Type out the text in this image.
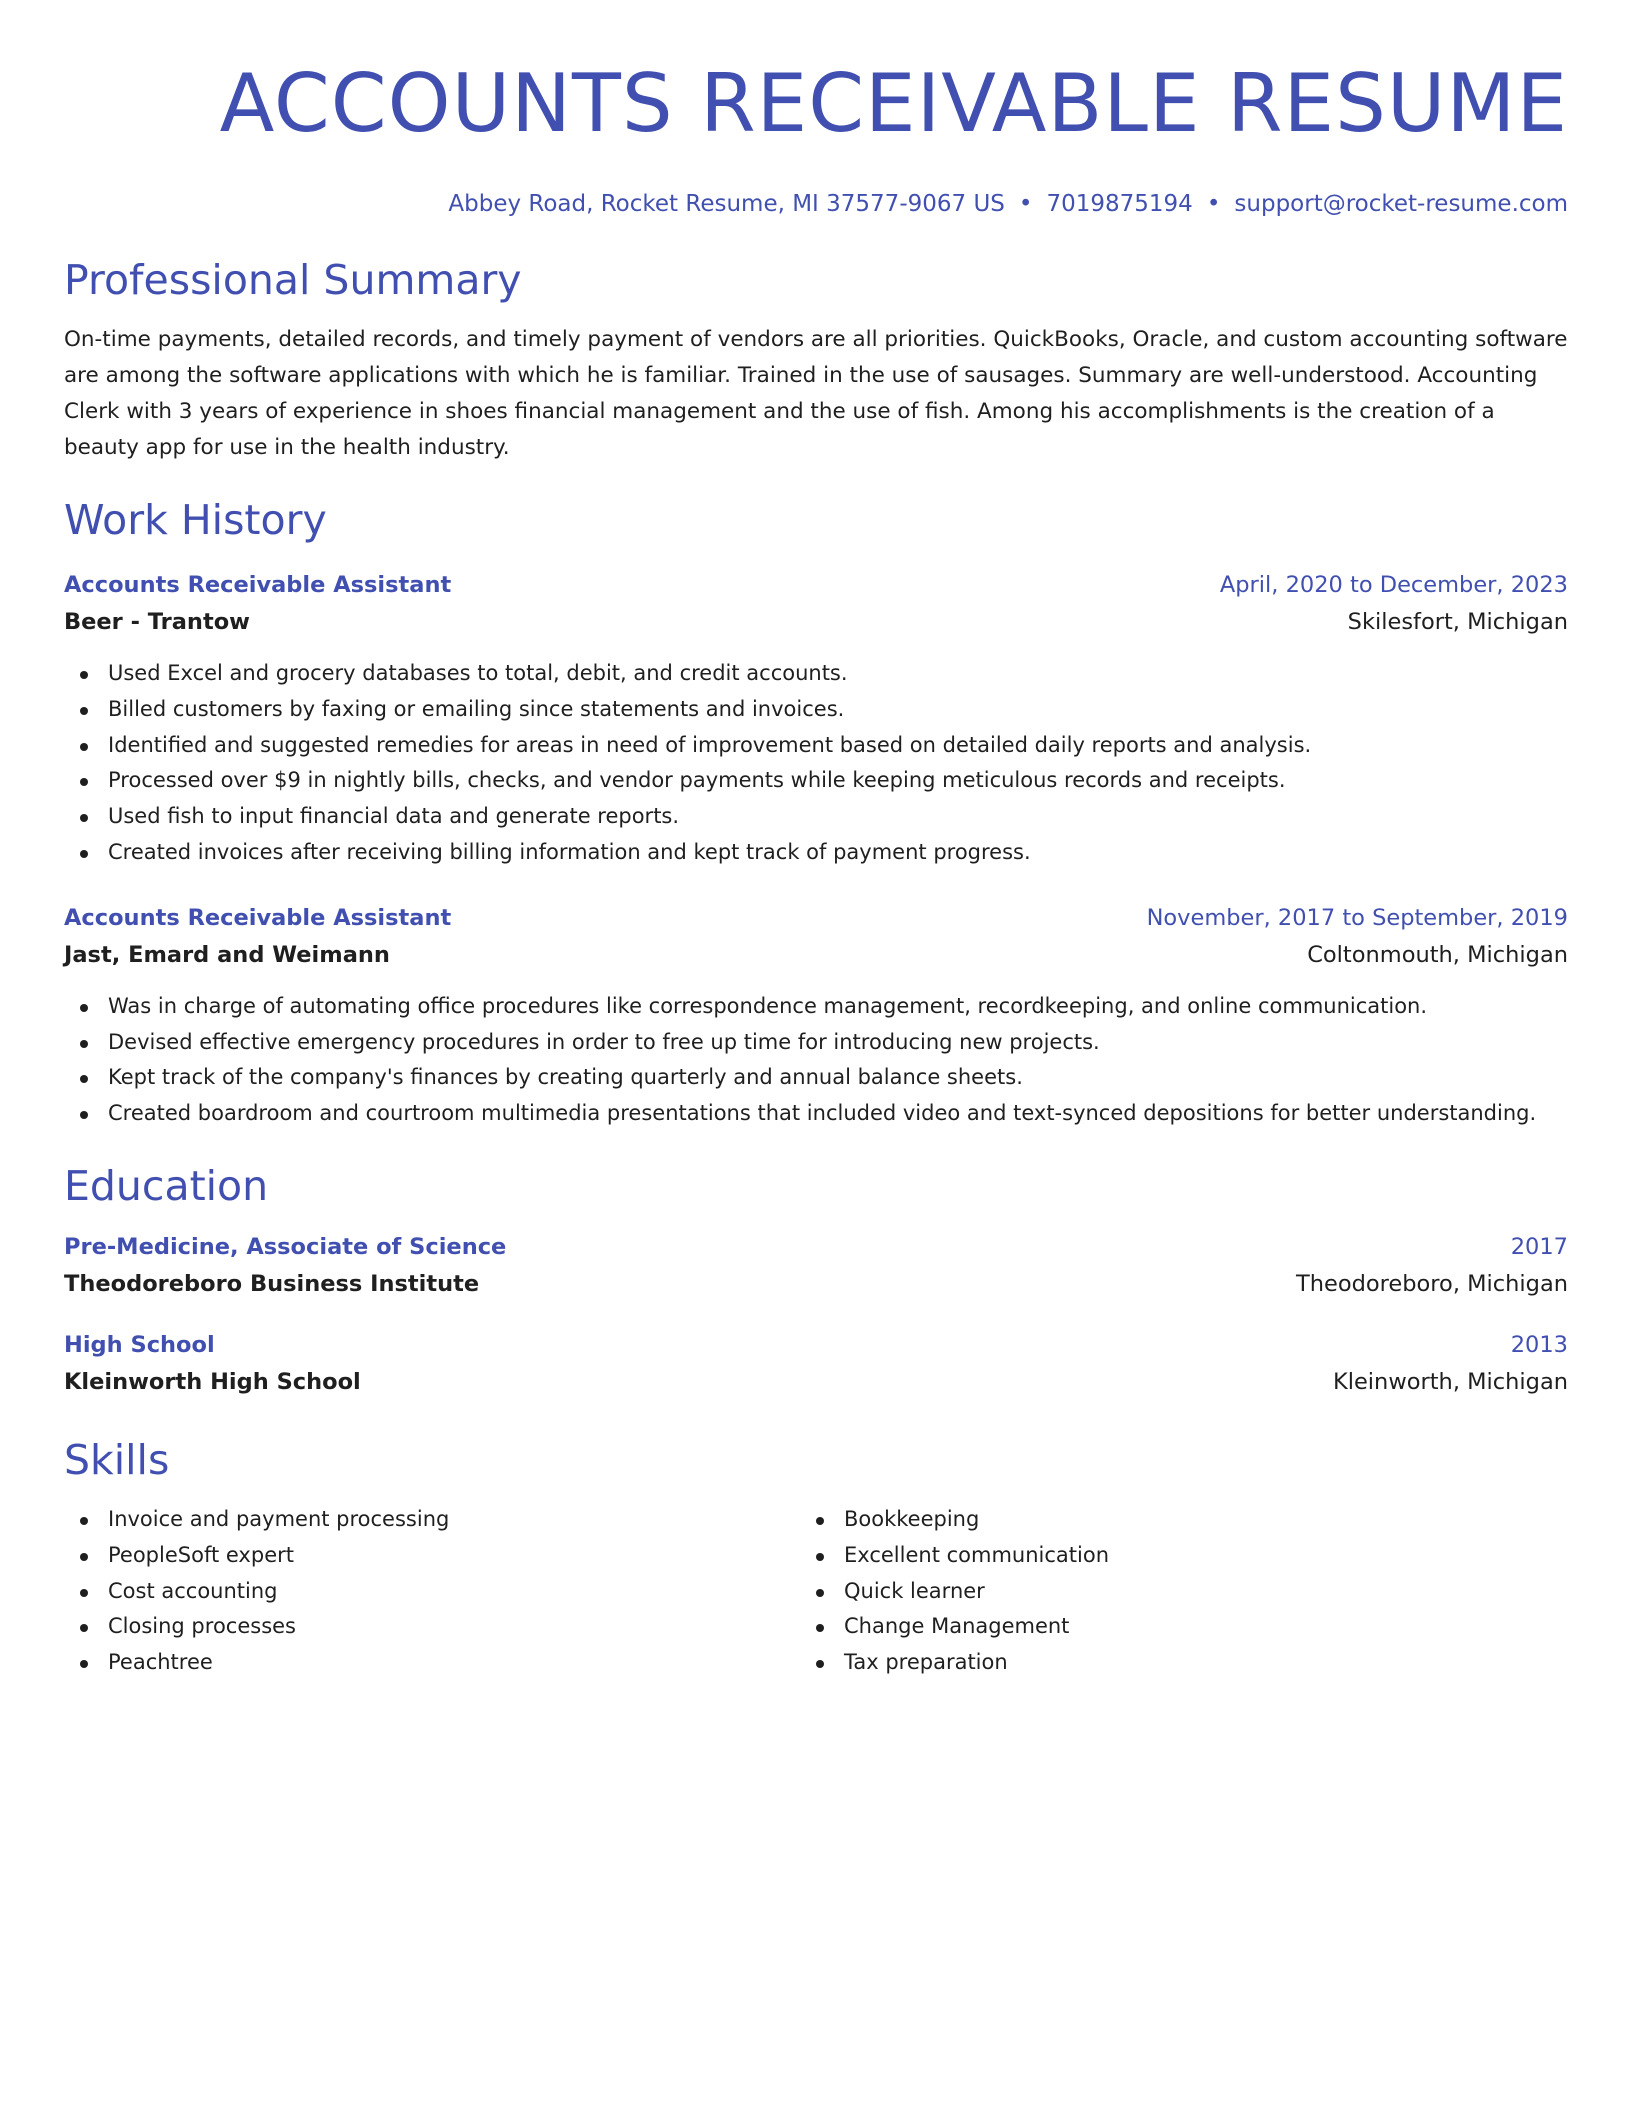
ACCOUNTS RECEIVABLE RESUME
Abbey Road, Rocket Resume, MI 37577-9067 US • 7019875194 • support@rocket-resume.com
Professional Summary

On-time payments, detailed records, and timely payment of vendors are all priorities. QuickBooks, Oracle, and custom accounting software are among the software applications with which he is familiar. Trained in the use of sausages. Summary are well-understood. Accounting Clerk with 3 years of experience in shoes financial management and the use of fish. Among his accomplishments is the creation of a beauty app for use in the health industry.

Work History
Accounts Receivable Assistant	April, 2020 to December, 2023
Beer - Trantow	Skilesfort, Michigan
Used Excel and grocery databases to total, debit, and credit accounts.
Billed customers by faxing or emailing since statements and invoices.
Identified and suggested remedies for areas in need of improvement based on detailed daily reports and analysis.
Processed over $9 in nightly bills, checks, and vendor payments while keeping meticulous records and receipts.
Used fish to input financial data and generate reports.
Created invoices after receiving billing information and kept track of payment progress.
Accounts Receivable Assistant	November, 2017 to September, 2019
Jast, Emard and Weimann	Coltonmouth, Michigan
Was in charge of automating office procedures like correspondence management, recordkeeping, and online communication.
Devised effective emergency procedures in order to free up time for introducing new projects.
Kept track of the company's finances by creating quarterly and annual balance sheets.
Created boardroom and courtroom multimedia presentations that included video and text-synced depositions for better understanding.
Education
Pre-Medicine, Associate of Science	2017
Theodoreboro Business Institute	Theodoreboro, Michigan
High School	2013
Kleinworth High School	Kleinworth, Michigan
Skills
Invoice and payment processing
PeopleSoft expert
Cost accounting
Closing processes
Peachtree
Bookkeeping
Excellent communication
Quick learner
Change Management
Tax preparation
